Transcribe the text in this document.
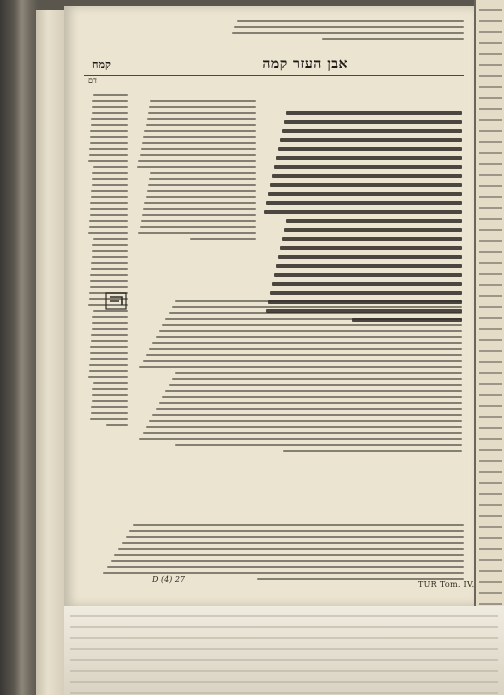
אבן העזר קמה
קמח
דם
D (4) 27
TUR Tom. IV.
